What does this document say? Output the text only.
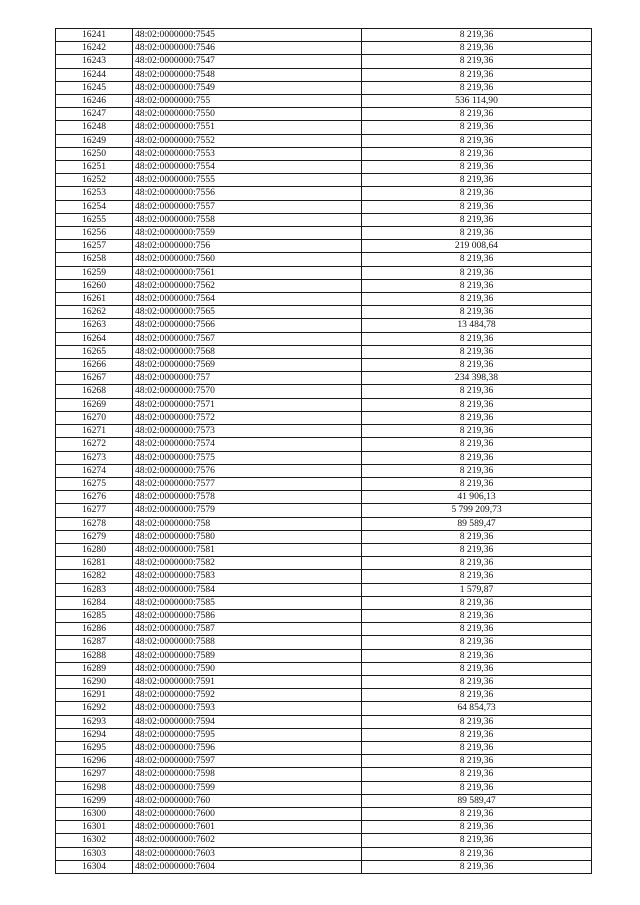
16241	48:02:0000000:7545	8 219,36
16242	48:02:0000000:7546	8 219,36
16243	48:02:0000000:7547	8 219,36
16244	48:02:0000000:7548	8 219,36
16245	48:02:0000000:7549	8 219,36
16246	48:02:0000000:755	536 114,90
16247	48:02:0000000:7550	8 219,36
16248	48:02:0000000:7551	8 219,36
16249	48:02:0000000:7552	8 219,36
16250	48:02:0000000:7553	8 219,36
16251	48:02:0000000:7554	8 219,36
16252	48:02:0000000:7555	8 219,36
16253	48:02:0000000:7556	8 219,36
16254	48:02:0000000:7557	8 219,36
16255	48:02:0000000:7558	8 219,36
16256	48:02:0000000:7559	8 219,36
16257	48:02:0000000:756	219 008,64
16258	48:02:0000000:7560	8 219,36
16259	48:02:0000000:7561	8 219,36
16260	48:02:0000000:7562	8 219,36
16261	48:02:0000000:7564	8 219,36
16262	48:02:0000000:7565	8 219,36
16263	48:02:0000000:7566	13 484,78
16264	48:02:0000000:7567	8 219,36
16265	48:02:0000000:7568	8 219,36
16266	48:02:0000000:7569	8 219,36
16267	48:02:0000000:757	234 398,38
16268	48:02:0000000:7570	8 219,36
16269	48:02:0000000:7571	8 219,36
16270	48:02:0000000:7572	8 219,36
16271	48:02:0000000:7573	8 219,36
16272	48:02:0000000:7574	8 219,36
16273	48:02:0000000:7575	8 219,36
16274	48:02:0000000:7576	8 219,36
16275	48:02:0000000:7577	8 219,36
16276	48:02:0000000:7578	41 906,13
16277	48:02:0000000:7579	5 799 209,73
16278	48:02:0000000:758	89 589,47
16279	48:02:0000000:7580	8 219,36
16280	48:02:0000000:7581	8 219,36
16281	48:02:0000000:7582	8 219,36
16282	48:02:0000000:7583	8 219,36
16283	48:02:0000000:7584	1 579,87
16284	48:02:0000000:7585	8 219,36
16285	48:02:0000000:7586	8 219,36
16286	48:02:0000000:7587	8 219,36
16287	48:02:0000000:7588	8 219,36
16288	48:02:0000000:7589	8 219,36
16289	48:02:0000000:7590	8 219,36
16290	48:02:0000000:7591	8 219,36
16291	48:02:0000000:7592	8 219,36
16292	48:02:0000000:7593	64 854,73
16293	48:02:0000000:7594	8 219,36
16294	48:02:0000000:7595	8 219,36
16295	48:02:0000000:7596	8 219,36
16296	48:02:0000000:7597	8 219,36
16297	48:02:0000000:7598	8 219,36
16298	48:02:0000000:7599	8 219,36
16299	48:02:0000000:760	89 589,47
16300	48:02:0000000:7600	8 219,36
16301	48:02:0000000:7601	8 219,36
16302	48:02:0000000:7602	8 219,36
16303	48:02:0000000:7603	8 219,36
16304	48:02:0000000:7604	8 219,36
